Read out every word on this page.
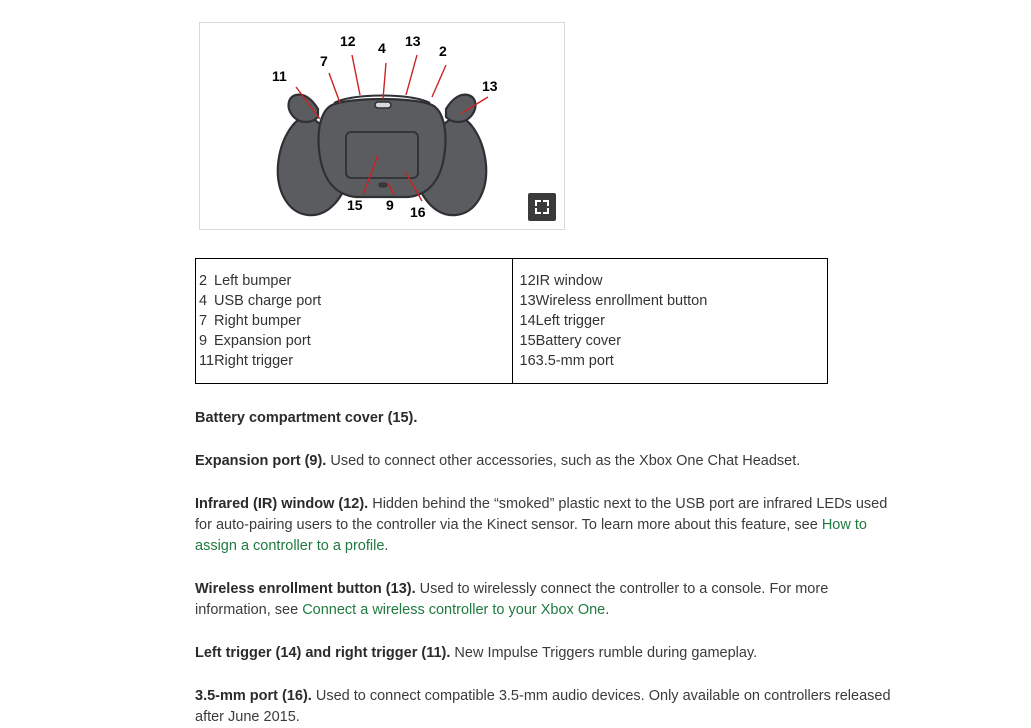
12 4 13
2
7
11
13
15 9 16
2 Left bumper
4 USB charge port
7 Right bumper
9 Expansion port
11 Right trigger
12 IR window
13 Wireless enrollment button
14 Left trigger
15 Battery cover
16 3.5-mm port

Battery compartment cover (15).

Expansion port (9). Used to connect other accessories, such as the Xbox One Chat Headset.

Infrared (IR) window (12). Hidden behind the “smoked” plastic next to the USB port are infrared LEDs used for auto-pairing users to the controller via the Kinect sensor. To learn more about this feature, see How to assign a controller to a profile.

Wireless enrollment button (13). Used to wirelessly connect the controller to a console. For more information, see Connect a wireless controller to your Xbox One.

Left trigger (14) and right trigger (11). New Impulse Triggers rumble during gameplay.

3.5-mm port (16). Used to connect compatible 3.5-mm audio devices. Only available on controllers released after June 2015.
